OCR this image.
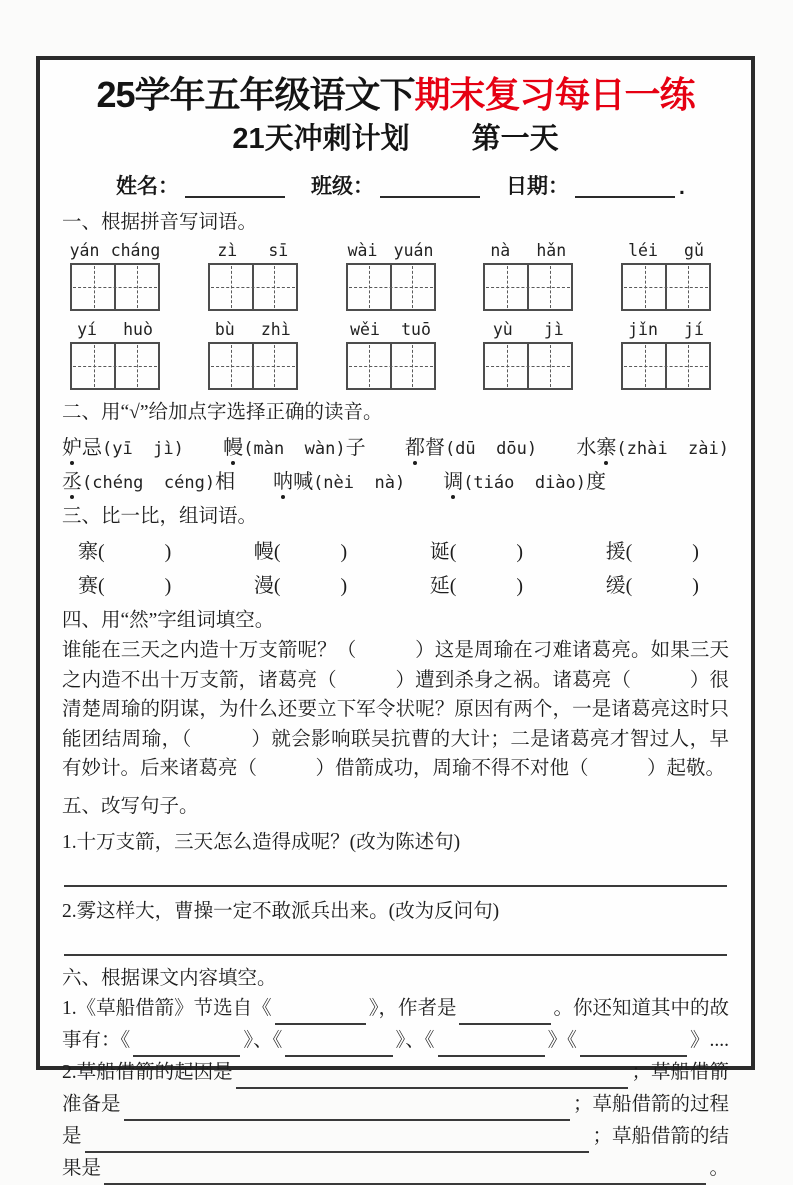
25学年五年级语文下期末复习每日一练
21天冲刺计划 第一天
姓名：	班级：	日期：	.
一、根据拼音写词语。
yán cháng	zì sī	wài yuán	nà hǎn	léi gǔ
yí huò	bù zhì	wěi tuō	yù jì	jǐn jí
二、用“√”给加点字选择正确的读音。
妒忌(yī  jì) 幔(màn  wàn)子 都督(dū  dōu) 水寨(zhài  zài)
丞(chéng  céng)相 呐喊(nèi  nà) 调(tiáo  diào)度
三、比一比，组词语。
寨(	)	幔(	)	诞(	)	援(	)
赛(	)	漫(	)	延(	)	缓(	)
四、用“然”字组词填空。

谁能在三天之内造十万支箭呢？（　　　）这是周瑜在刁难诸葛亮。如果三天之内造不出十万支箭，诸葛亮（　　　）遭到杀身之祸。诸葛亮（　　　）很清楚周瑜的阴谋，为什么还要立下军令状呢？原因有两个，一是诸葛亮这时只能团结周瑜，（　　　）就会影响联吴抗曹的大计；二是诸葛亮才智过人，早有妙计。后来诸葛亮（　　　）借箭成功，周瑜不得不对他（　　　）起敬。

五、改写句子。
1.十万支箭，三天怎么造得成呢？(改为陈述句)
2.雾这样大，曹操一定不敢派兵出来。(改为反问句)
六、根据课文内容填空。
1.《草船借箭》节选自《	》，作者是	。你还知道其中的故
事有：《	》、《	》、《	》《	》....
2.草船借箭的起因是	；草船借箭
准备是	；草船借箭的过程
是	；草船借箭的结
果是	。
